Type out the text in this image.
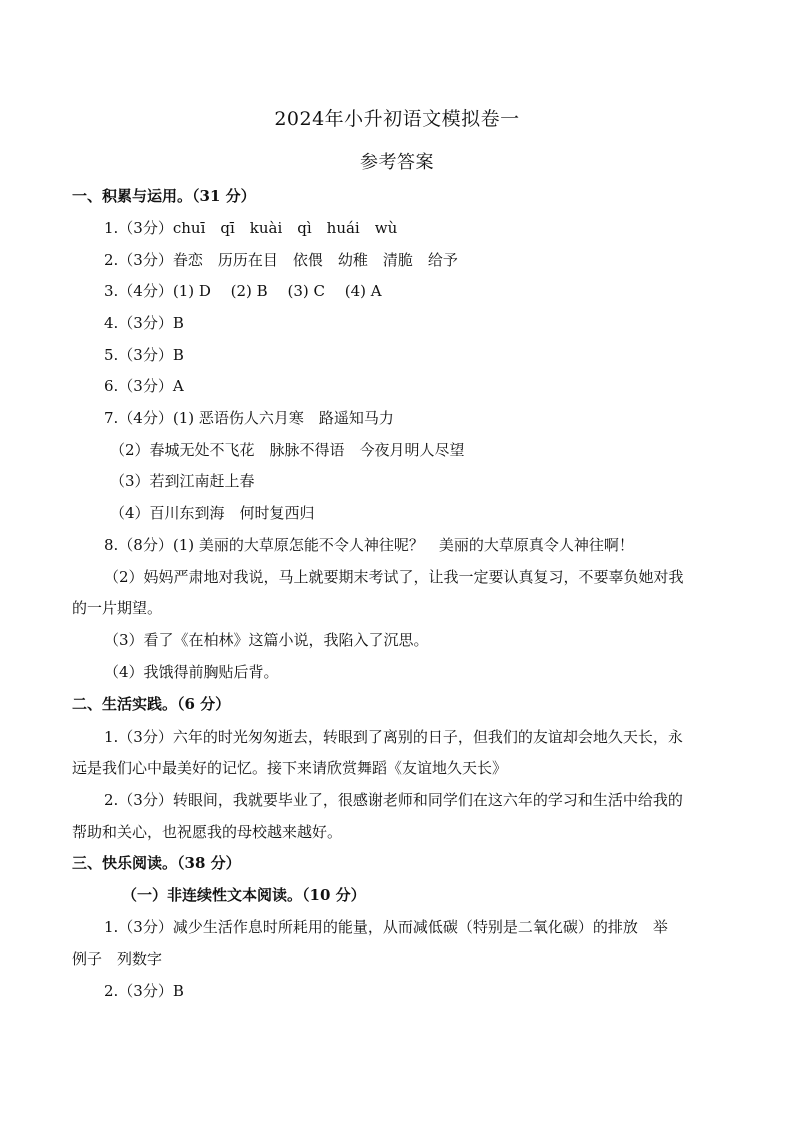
2024年小升初语文模拟卷一
参考答案
一、积累与运用。（31 分）
1.（3分）chuī　qī　kuài　qì　huái　wù
2.（3分）眷恋　历历在目　依偎　幼稚　清脆　给予
3.（4分）(1) D　 (2) B　 (3) C　 (4) A
4.（3分）B
5.（3分）B
6.（3分）A
7.（4分）(1) 恶语伤人六月寒　路遥知马力
（2）春城无处不飞花　脉脉不得语　今夜月明人尽望
（3）若到江南赶上春
（4）百川东到海　何时复西归
8.（8分）(1) 美丽的大草原怎能不令人神往呢？　美丽的大草原真令人神往啊！
（2）妈妈严肃地对我说，马上就要期末考试了，让我一定要认真复习，不要辜负她对我
的一片期望。
（3）看了《在柏林》这篇小说，我陷入了沉思。
（4）我饿得前胸贴后背。
二、生活实践。（6 分）
1.（3分）六年的时光匆匆逝去，转眼到了离别的日子，但我们的友谊却会地久天长，永
远是我们心中最美好的记忆。接下来请欣赏舞蹈《友谊地久天长》
2.（3分）转眼间，我就要毕业了，很感谢老师和同学们在这六年的学习和生活中给我的
帮助和关心，也祝愿我的母校越来越好。
三、快乐阅读。（38 分）
（一）非连续性文本阅读。（10 分）
1.（3分）减少生活作息时所耗用的能量，从而减低碳（特别是二氧化碳）的排放　举
例子　列数字
2.（3分）B
